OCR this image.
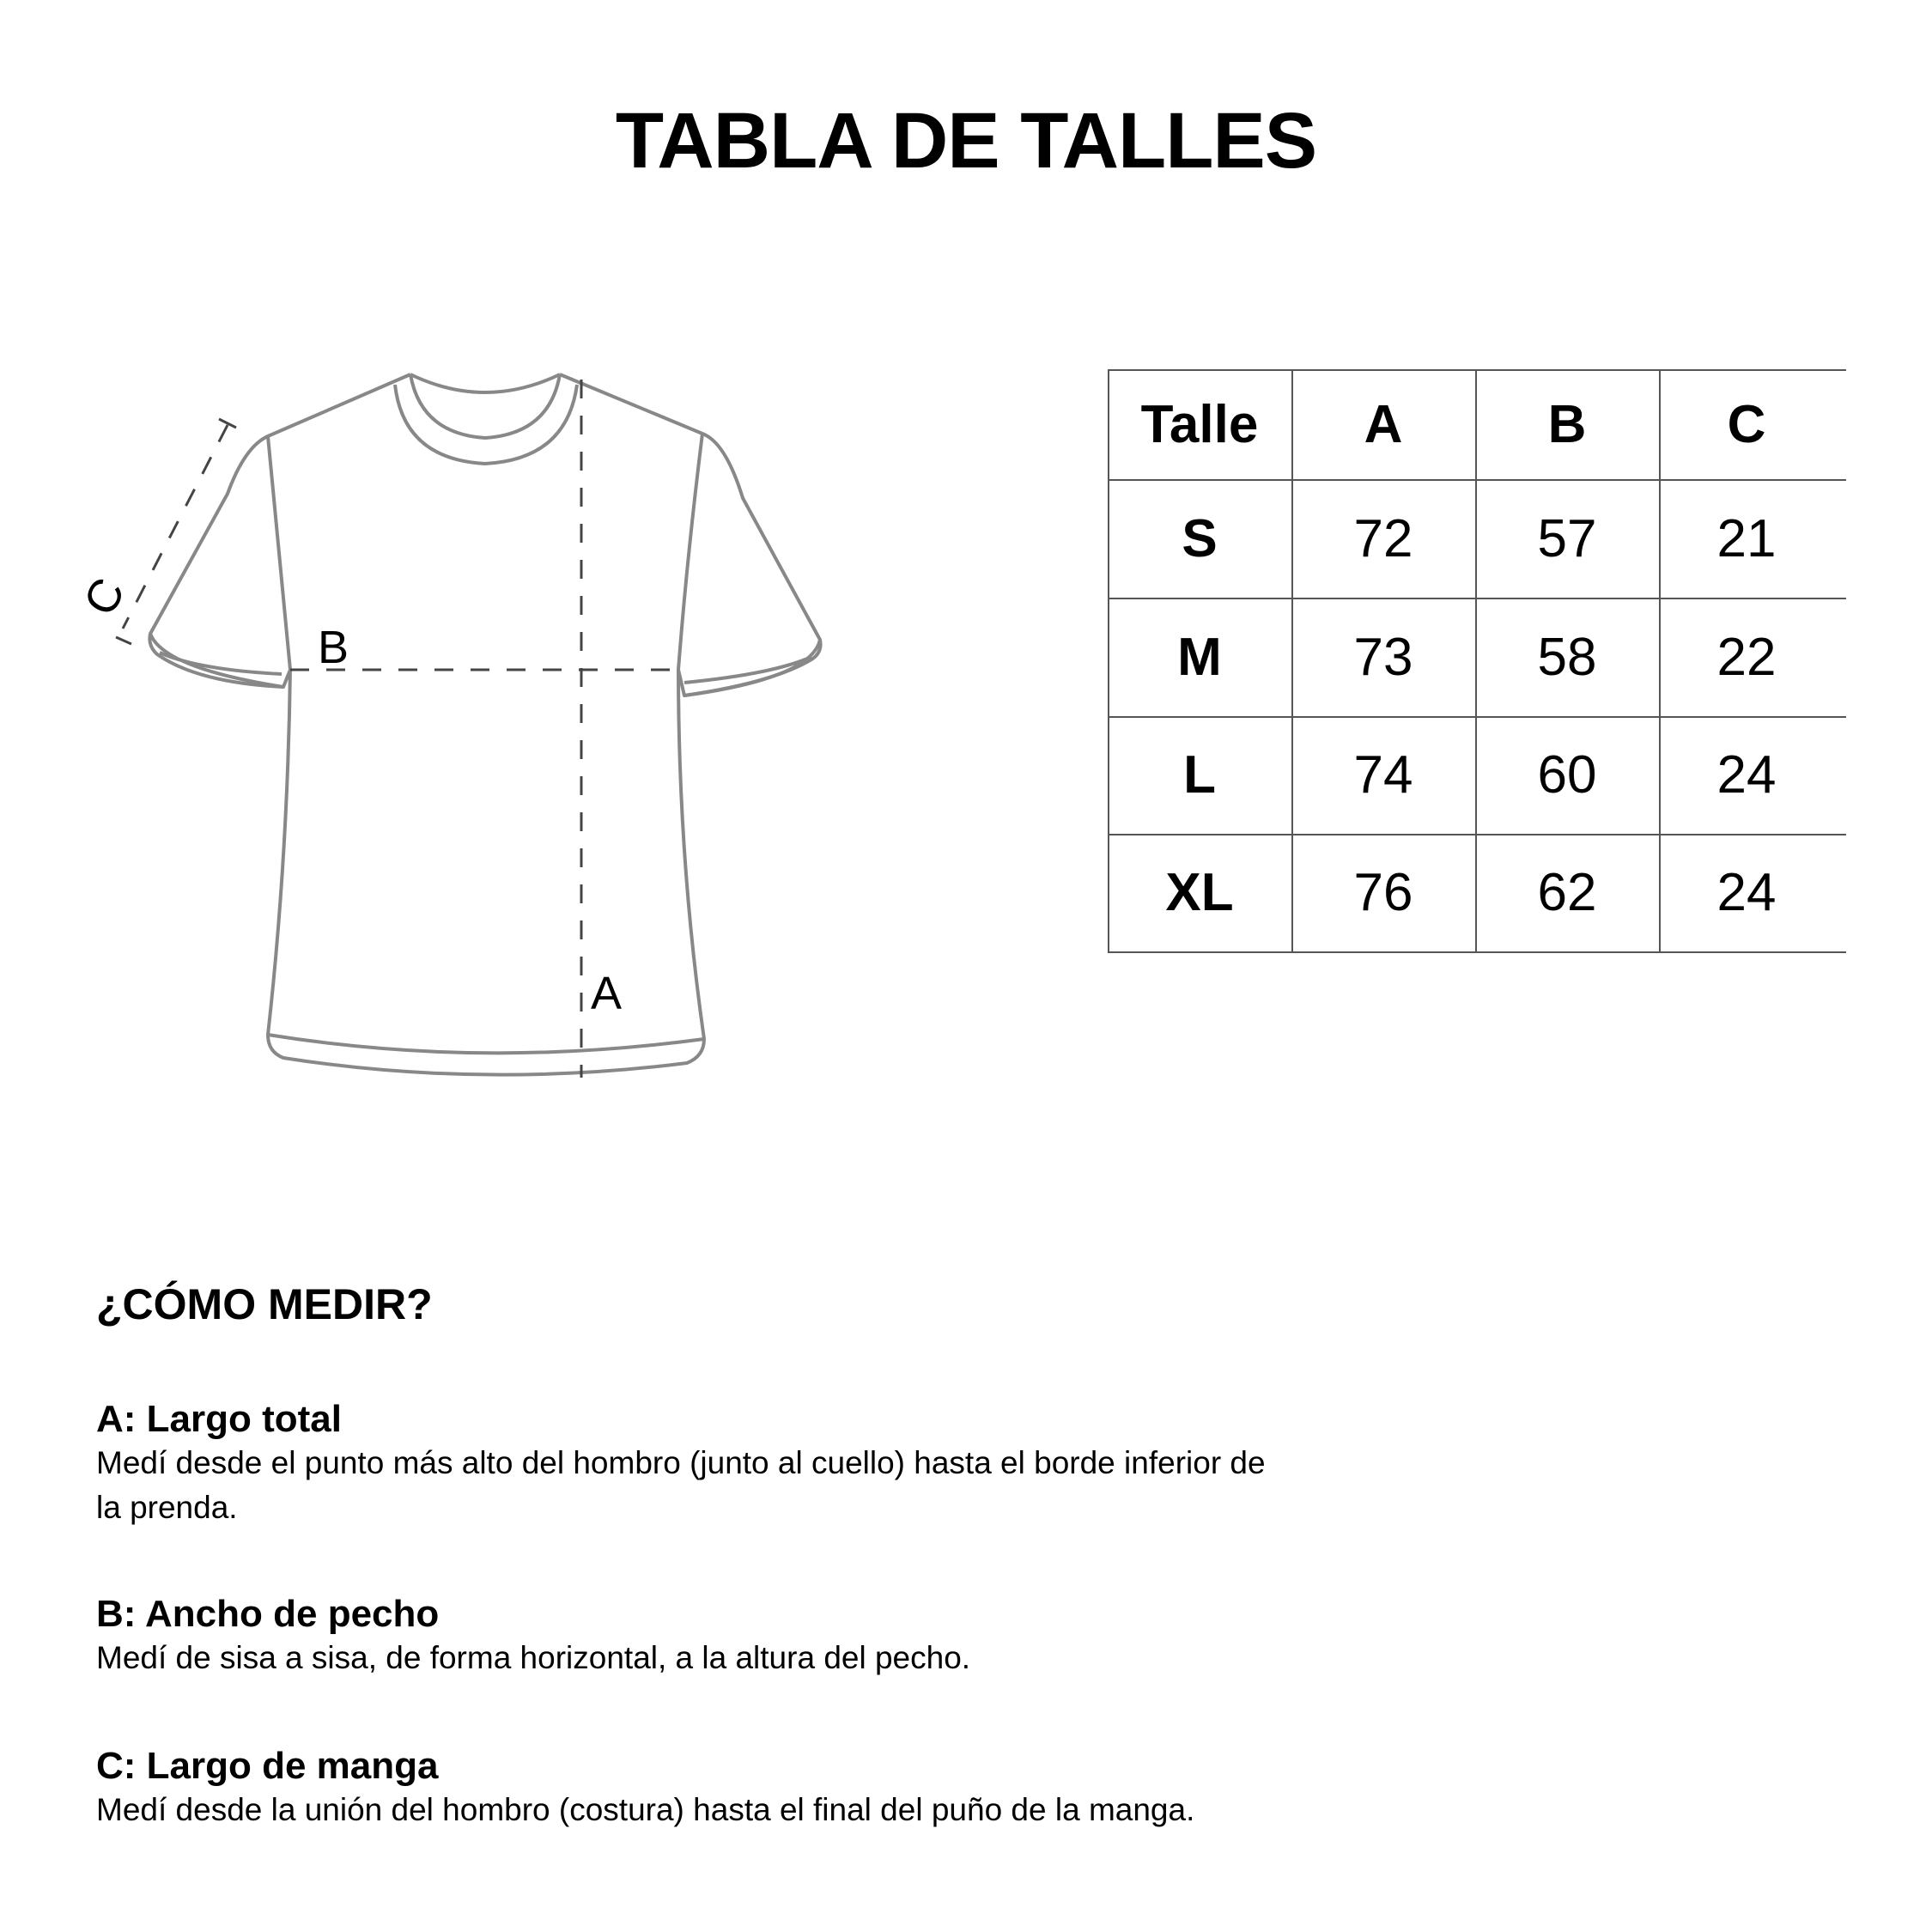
TABLA DE TALLES
B
A
C
Talle	A	B	C
S	72	57	21
M	73	58	22
L	74	60	24
XL	76	62	24
¿CÓMO MEDIR?

A: Largo total

Medí desde el punto más alto del hombro (junto al cuello) hasta el borde inferior de la prenda.

B: Ancho de pecho

Medí de sisa a sisa, de forma horizontal, a la altura del pecho.

C: Largo de manga

Medí desde la unión del hombro (costura) hasta el final del puño de la manga.
